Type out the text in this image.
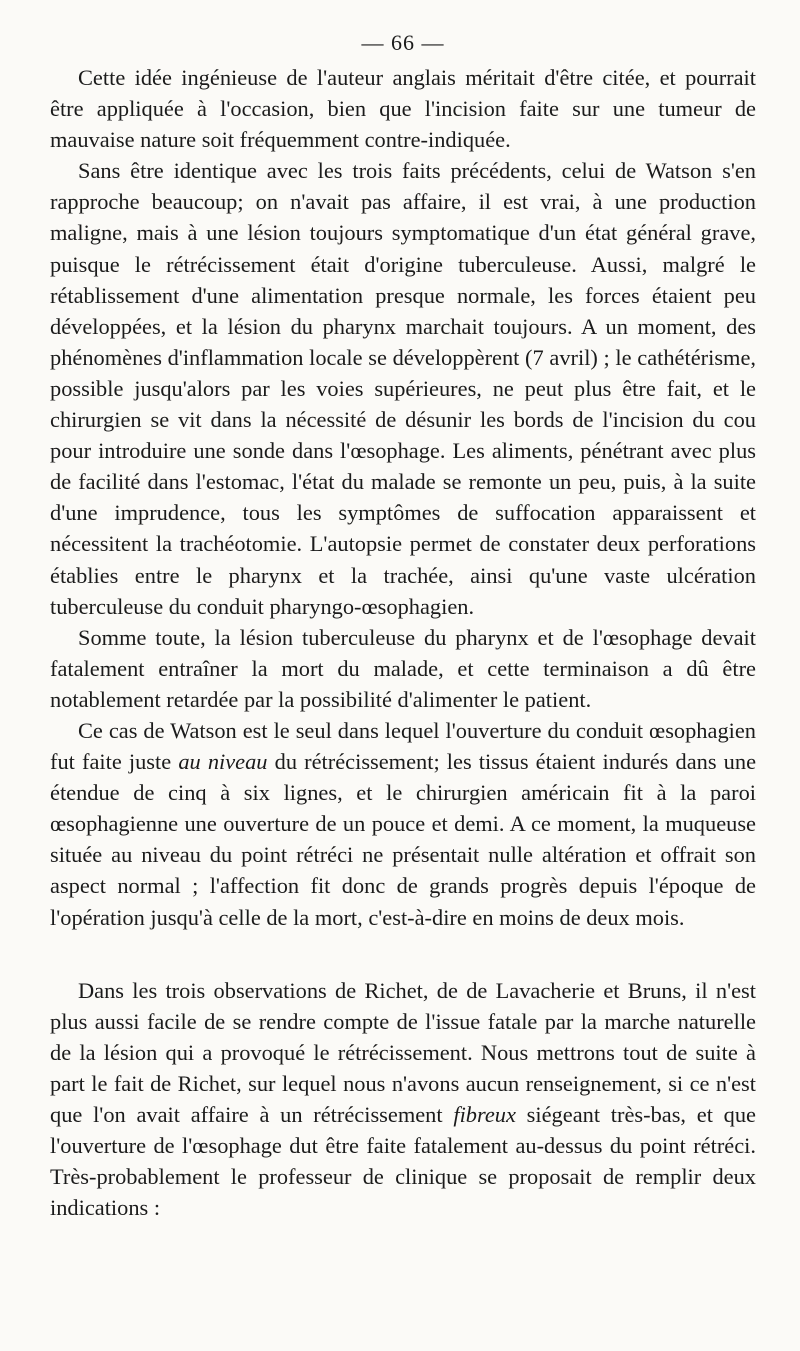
— 66 —

Cette idée ingénieuse de l'auteur anglais méritait d'être citée, et pourrait être appliquée à l'occasion, bien que l'incision faite sur une tumeur de mauvaise nature soit fréquemment contre-indiquée.

Sans être identique avec les trois faits précédents, celui de Watson s'en rapproche beaucoup; on n'avait pas affaire, il est vrai, à une production maligne, mais à une lésion toujours symptomatique d'un état général grave, puisque le rétrécissement était d'origine tuberculeuse. Aussi, malgré le rétablissement d'une alimentation presque normale, les forces étaient peu développées, et la lésion du pharynx marchait toujours. A un moment, des phénomènes d'inflammation locale se développèrent (7 avril) ; le cathétérisme, possible jusqu'alors par les voies supérieures, ne peut plus être fait, et le chirurgien se vit dans la nécessité de désunir les bords de l'incision du cou pour introduire une sonde dans l'œsophage. Les aliments, pénétrant avec plus de facilité dans l'estomac, l'état du malade se remonte un peu, puis, à la suite d'une imprudence, tous les symptômes de suffocation apparaissent et nécessitent la trachéotomie. L'autopsie permet de constater deux perforations établies entre le pharynx et la trachée, ainsi qu'une vaste ulcération tuberculeuse du conduit pharyngo-œsophagien.

Somme toute, la lésion tuberculeuse du pharynx et de l'œsophage devait fatalement entraîner la mort du malade, et cette terminaison a dû être notablement retardée par la possibilité d'alimenter le patient.

Ce cas de Watson est le seul dans lequel l'ouverture du conduit œsophagien fut faite juste au niveau du rétrécissement; les tissus étaient indurés dans une étendue de cinq à six lignes, et le chirurgien américain fit à la paroi œsophagienne une ouverture de un pouce et demi. A ce moment, la muqueuse située au niveau du point rétréci ne présentait nulle altération et offrait son aspect normal ; l'affection fit donc de grands progrès depuis l'époque de l'opération jusqu'à celle de la mort, c'est-à-dire en moins de deux mois.

Dans les trois observations de Richet, de de Lavacherie et Bruns, il n'est plus aussi facile de se rendre compte de l'issue fatale par la marche naturelle de la lésion qui a provoqué le rétrécissement. Nous mettrons tout de suite à part le fait de Richet, sur lequel nous n'avons aucun renseignement, si ce n'est que l'on avait affaire à un rétrécissement fibreux siégeant très-bas, et que l'ouverture de l'œsophage dut être faite fatalement au-dessus du point rétréci. Très-probablement le professeur de clinique se proposait de remplir deux indications :
